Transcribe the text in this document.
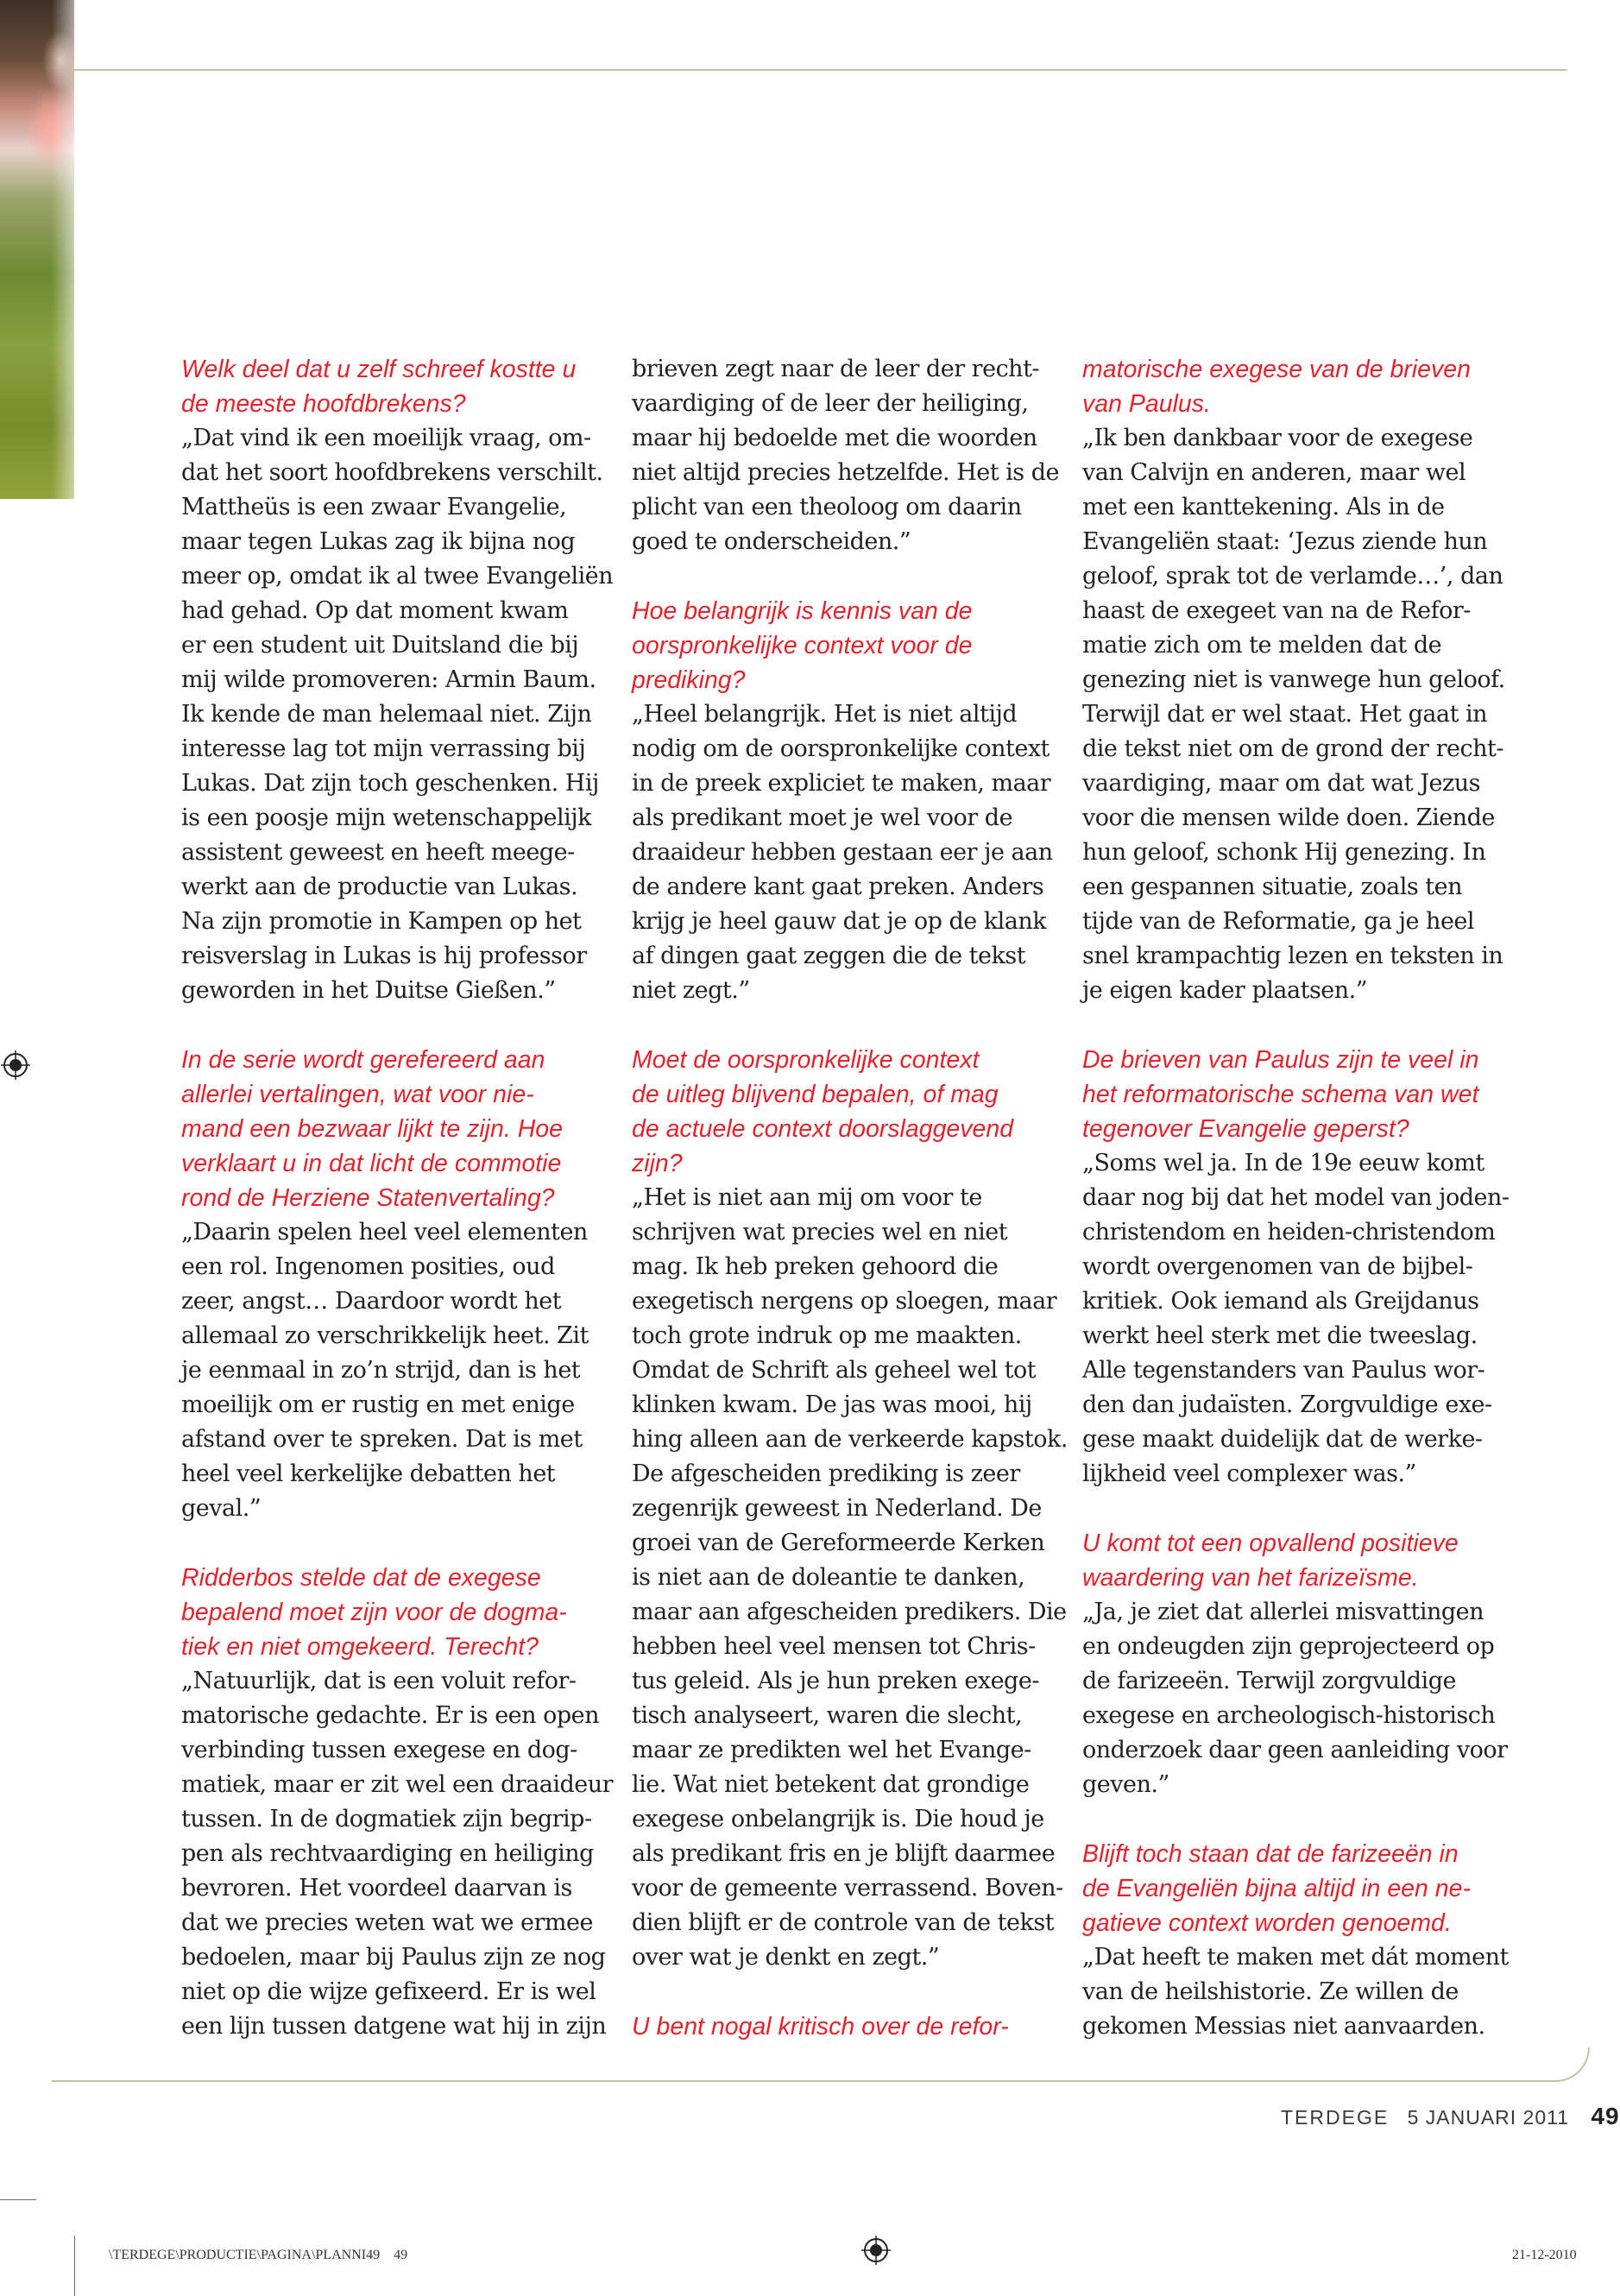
Welk deel dat u zelf schreef kostte u
de meeste hoofdbrekens?

„Dat vind ik een moeilijk vraag, om-
dat het soort hoofdbrekens verschilt.
Mattheüs is een zwaar Evangelie,
maar tegen Lukas zag ik bijna nog
meer op, omdat ik al twee Evangeliën
had gehad. Op dat moment kwam
er een student uit Duitsland die bij
mij wilde promoveren: Armin Baum.
Ik kende de man helemaal niet. Zijn
interesse lag tot mijn verrassing bij
Lukas. Dat zijn toch geschenken. Hij
is een poosje mijn wetenschappelijk
assistent geweest en heeft meege-
werkt aan de productie van Lukas.
Na zijn promotie in Kampen op het
reisverslag in Lukas is hij professor
geworden in het Duitse Gießen.”

In de serie wordt gerefereerd aan
allerlei vertalingen, wat voor nie-
mand een bezwaar lijkt te zijn. Hoe
verklaart u in dat licht de commotie
rond de Herziene Statenvertaling?

„Daarin spelen heel veel elementen
een rol. Ingenomen posities, oud
zeer, angst… Daardoor wordt het
allemaal zo verschrikkelijk heet. Zit
je eenmaal in zo’n strijd, dan is het
moeilijk om er rustig en met enige
afstand over te spreken. Dat is met
heel veel kerkelijke debatten het
geval.”

Ridderbos stelde dat de exegese
bepalend moet zijn voor de dogma-
tiek en niet omgekeerd. Terecht?

„Natuurlijk, dat is een voluit refor-
matorische gedachte. Er is een open
verbinding tussen exegese en dog-
matiek, maar er zit wel een draaideur
tussen. In de dogmatiek zijn begrip-
pen als rechtvaardiging en heiliging
bevroren. Het voordeel daarvan is
dat we precies weten wat we ermee
bedoelen, maar bij Paulus zijn ze nog
niet op die wijze gefixeerd. Er is wel
een lijn tussen datgene wat hij in zijn

brieven zegt naar de leer der recht-
vaardiging of de leer der heiliging,
maar hij bedoelde met die woorden
niet altijd precies hetzelfde. Het is de
plicht van een theoloog om daarin
goed te onderscheiden.”

Hoe belangrijk is kennis van de
oorspronkelijke context voor de
prediking?

„Heel belangrijk. Het is niet altijd
nodig om de oorspronkelijke context
in de preek expliciet te maken, maar
als predikant moet je wel voor de
draaideur hebben gestaan eer je aan
de andere kant gaat preken. Anders
krijg je heel gauw dat je op de klank
af dingen gaat zeggen die de tekst
niet zegt.”

Moet de oorspronkelijke context
de uitleg blijvend bepalen, of mag
de actuele context doorslaggevend
zijn?

„Het is niet aan mij om voor te
schrijven wat precies wel en niet
mag. Ik heb preken gehoord die
exegetisch nergens op sloegen, maar
toch grote indruk op me maakten.
Omdat de Schrift als geheel wel tot
klinken kwam. De jas was mooi, hij
hing alleen aan de verkeerde kapstok.
De afgescheiden prediking is zeer
zegenrijk geweest in Nederland. De
groei van de Gereformeerde Kerken
is niet aan de doleantie te danken,
maar aan afgescheiden predikers. Die
hebben heel veel mensen tot Chris-
tus geleid. Als je hun preken exege-
tisch analyseert, waren die slecht,
maar ze predikten wel het Evange-
lie. Wat niet betekent dat grondige
exegese onbelangrijk is. Die houd je
als predikant fris en je blijft daarmee
voor de gemeente verrassend. Boven-
dien blijft er de controle van de tekst
over wat je denkt en zegt.”

U bent nogal kritisch over de refor-

matorische exegese van de brieven
van Paulus.

„Ik ben dankbaar voor de exegese
van Calvijn en anderen, maar wel
met een kanttekening. Als in de
Evangeliën staat: ‘Jezus ziende hun
geloof, sprak tot de verlamde…’, dan
haast de exegeet van na de Refor-
matie zich om te melden dat de
genezing niet is vanwege hun geloof.
Terwijl dat er wel staat. Het gaat in
die tekst niet om de grond der recht-
vaardiging, maar om dat wat Jezus
voor die mensen wilde doen. Ziende
hun geloof, schonk Hij genezing. In
een gespannen situatie, zoals ten
tijde van de Reformatie, ga je heel
snel krampachtig lezen en teksten in
je eigen kader plaatsen.”

De brieven van Paulus zijn te veel in
het reformatorische schema van wet
tegenover Evangelie geperst?

„Soms wel ja. In de 19e eeuw komt
daar nog bij dat het model van joden-
christendom en heiden-christendom
wordt overgenomen van de bijbel-
kritiek. Ook iemand als Greijdanus
werkt heel sterk met die tweeslag.
Alle tegenstanders van Paulus wor-
den dan judaïsten. Zorgvuldige exe-
gese maakt duidelijk dat de werke-
lijkheid veel complexer was.”

U komt tot een opvallend positieve
waardering van het farizeïsme.

„Ja, je ziet dat allerlei misvattingen
en ondeugden zijn geprojecteerd op
de farizeeën. Terwijl zorgvuldige
exegese en archeologisch-historisch
onderzoek daar geen aanleiding voor
geven.”

Blijft toch staan dat de farizeeën in
de Evangeliën bijna altijd in een ne-
gatieve context worden genoemd.

„Dat heeft te maken met dát moment
van de heilshistorie. Ze willen de
gekomen Messias niet aanvaarden.

TERDEGE 5 JANUARI 2011 49
\TERDEGE\PRODUCTIE\PAGINA\PLANNI49 49	21-12-2010
